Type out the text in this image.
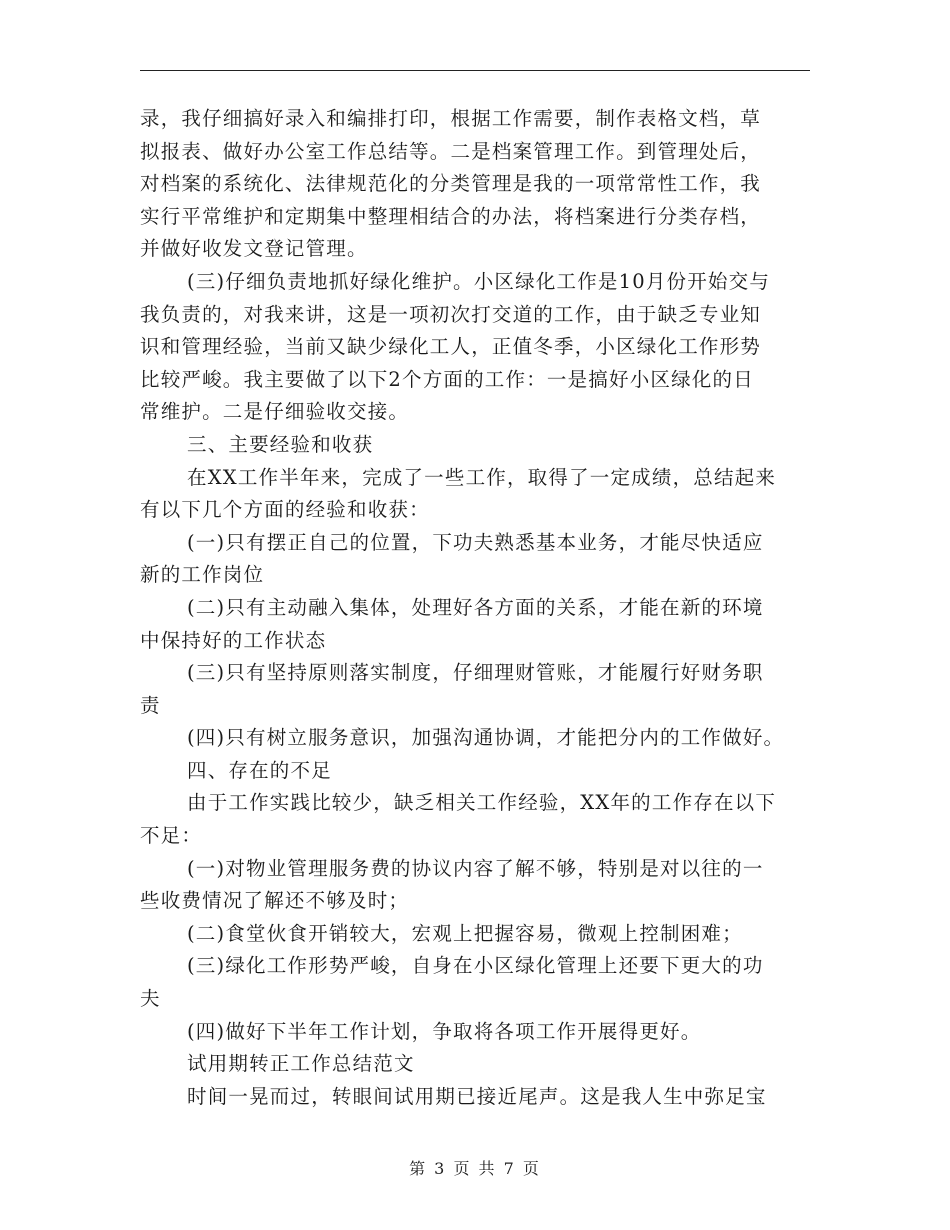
录，我仔细搞好录入和编排打印，根据工作需要，制作表格文档，草
拟报表、做好办公室工作总结等。二是档案管理工作。到管理处后，
对档案的系统化、法律规范化的分类管理是我的一项常常性工作，我
实行平常维护和定期集中整理相结合的办法，将档案进行分类存档，
并做好收发文登记管理。
(三)仔细负责地抓好绿化维护。小区绿化工作是10月份开始交与
我负责的，对我来讲，这是一项初次打交道的工作，由于缺乏专业知
识和管理经验，当前又缺少绿化工人，正值冬季，小区绿化工作形势
比较严峻。我主要做了以下2个方面的工作：一是搞好小区绿化的日
常维护。二是仔细验收交接。
三、主要经验和收获
在XX工作半年来，完成了一些工作，取得了一定成绩，总结起来
有以下几个方面的经验和收获：
(一)只有摆正自己的位置，下功夫熟悉基本业务，才能尽快适应
新的工作岗位
(二)只有主动融入集体，处理好各方面的关系，才能在新的环境
中保持好的工作状态
(三)只有坚持原则落实制度，仔细理财管账，才能履行好财务职
责
(四)只有树立服务意识，加强沟通协调，才能把分内的工作做好。
四、存在的不足
由于工作实践比较少，缺乏相关工作经验，XX年的工作存在以下
不足：
(一)对物业管理服务费的协议内容了解不够，特别是对以往的一
些收费情况了解还不够及时；
(二)食堂伙食开销较大，宏观上把握容易，微观上控制困难；
(三)绿化工作形势严峻，自身在小区绿化管理上还要下更大的功
夫
(四)做好下半年工作计划，争取将各项工作开展得更好。
试用期转正工作总结范文
时间一晃而过，转眼间试用期已接近尾声。这是我人生中弥足宝
第 3 页 共 7 页
